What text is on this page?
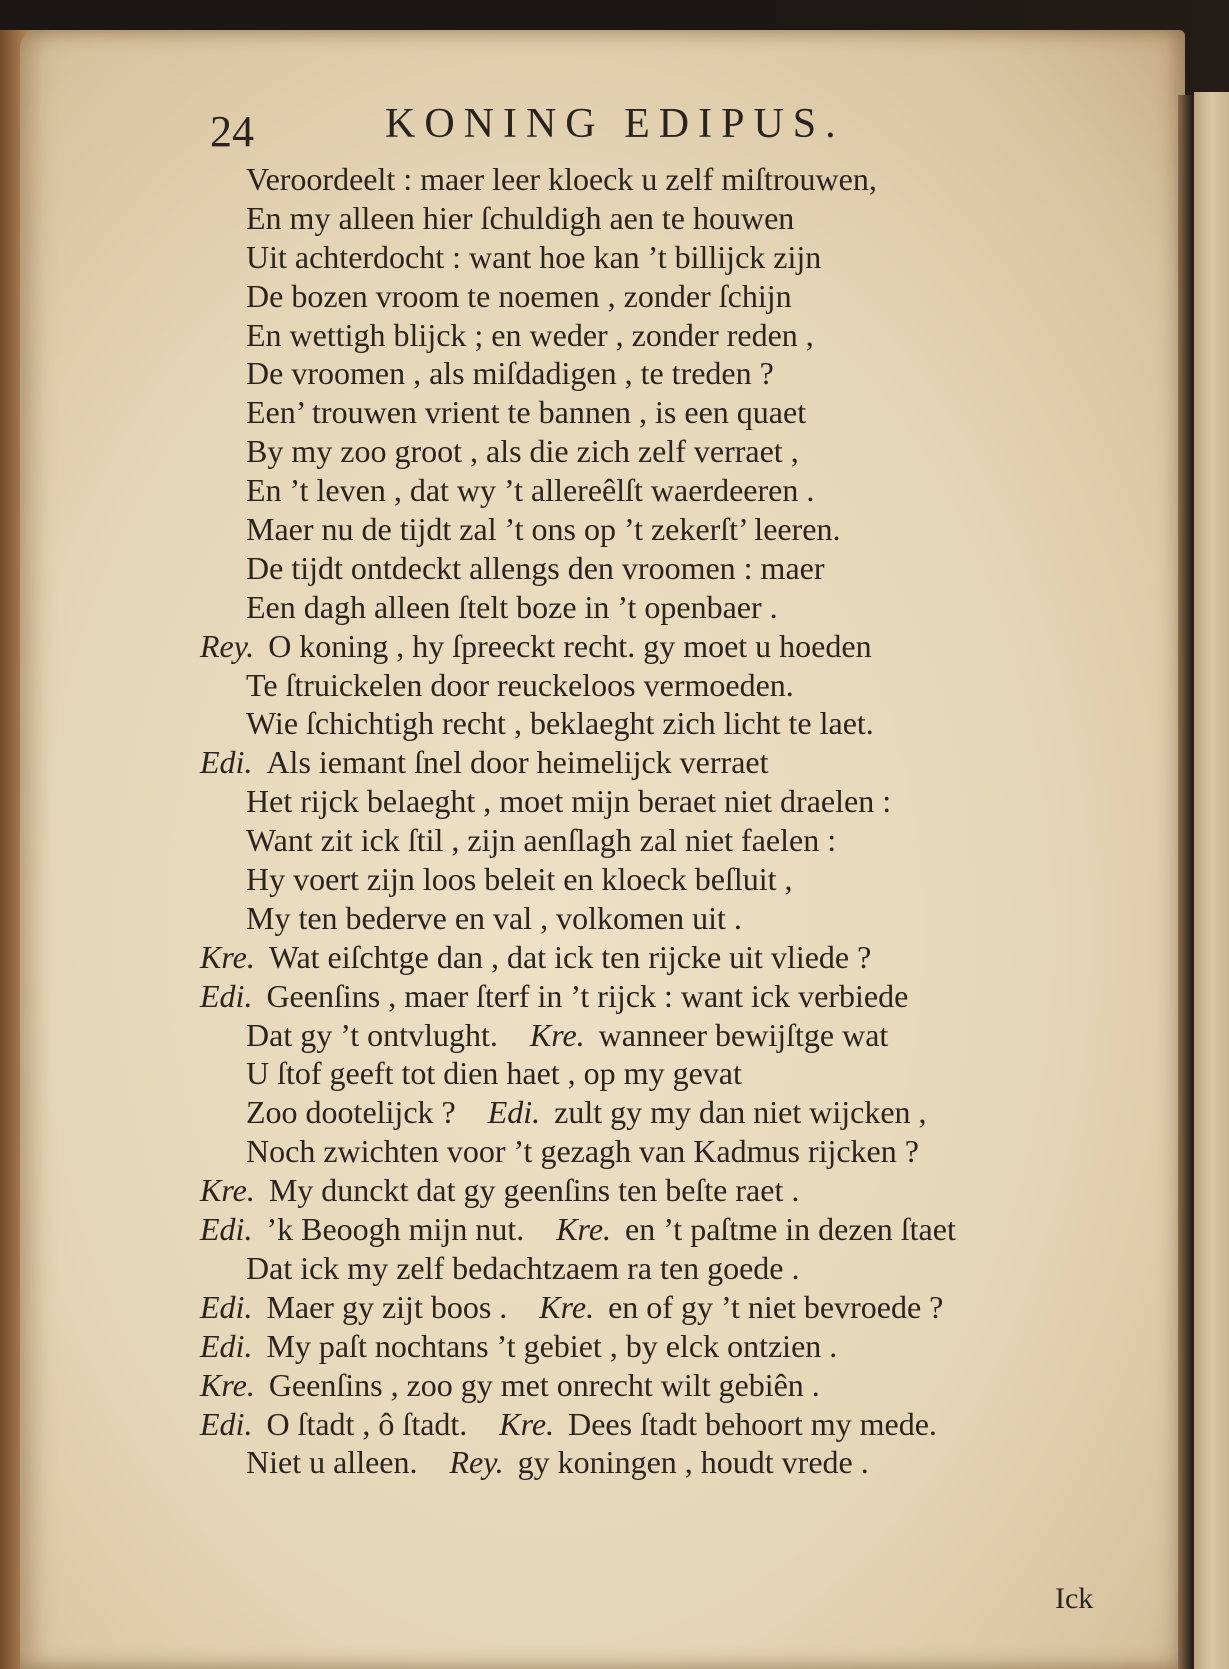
24	KONING EDIPUS.
Veroordeelt : maer leer kloeck u zelf miſtrouwen,
En my alleen hier ſchuldigh aen te houwen
Uit achterdocht : want hoe kan ’t billijck zijn
De bozen vroom te noemen , zonder ſchijn
En wettigh blijck ; en weder , zonder reden ,
De vroomen , als miſdadigen , te treden ?
Een’ trouwen vrient te bannen , is een quaet
By my zoo groot , als die zich zelf verraet ,
En ’t leven , dat wy ’t allereêlſt waerdeeren .
Maer nu de tijdt zal ’t ons op ’t zekerſt’ leeren.
De tijdt ontdeckt allengs den vroomen : maer
Een dagh alleen ſtelt boze in ’t openbaer .
Rey. O koning , hy ſpreeckt recht. gy moet u hoeden
Te ſtruickelen door reuckeloos vermoeden.
Wie ſchichtigh recht , beklaeght zich licht te laet.
Edi. Als iemant ſnel door heimelijck verraet
Het rijck belaeght , moet mijn beraet niet draelen :
Want zit ick ſtil , zijn aenſlagh zal niet faelen :
Hy voert zijn loos beleit en kloeck beſluit ,
My ten bederve en val , volkomen uit .
Kre. Wat eiſchtge dan , dat ick ten rijcke uit vliede ?
Edi. Geenſins , maer ſterf in ’t rijck : want ick verbiede
Dat gy ’t ontvlught. Kre. wanneer bewijſtge wat
U ſtof geeft tot dien haet , op my gevat
Zoo dootelijck ? Edi. zult gy my dan niet wijcken ,
Noch zwichten voor ’t gezagh van Kadmus rijcken ?
Kre. My dunckt dat gy geenſins ten beſte raet .
Edi. ’k Beoogh mijn nut. Kre. en ’t paſtme in dezen ſtaet
Dat ick my zelf bedachtzaem ra ten goede .
Edi. Maer gy zijt boos . Kre. en of gy ’t niet bevroede ?
Edi. My paſt nochtans ’t gebiet , by elck ontzien .
Kre. Geenſins , zoo gy met onrecht wilt gebiên .
Edi. O ſtadt , ô ſtadt. Kre. Dees ſtadt behoort my mede.
Niet u alleen. Rey. gy koningen , houdt vrede .
Ick
